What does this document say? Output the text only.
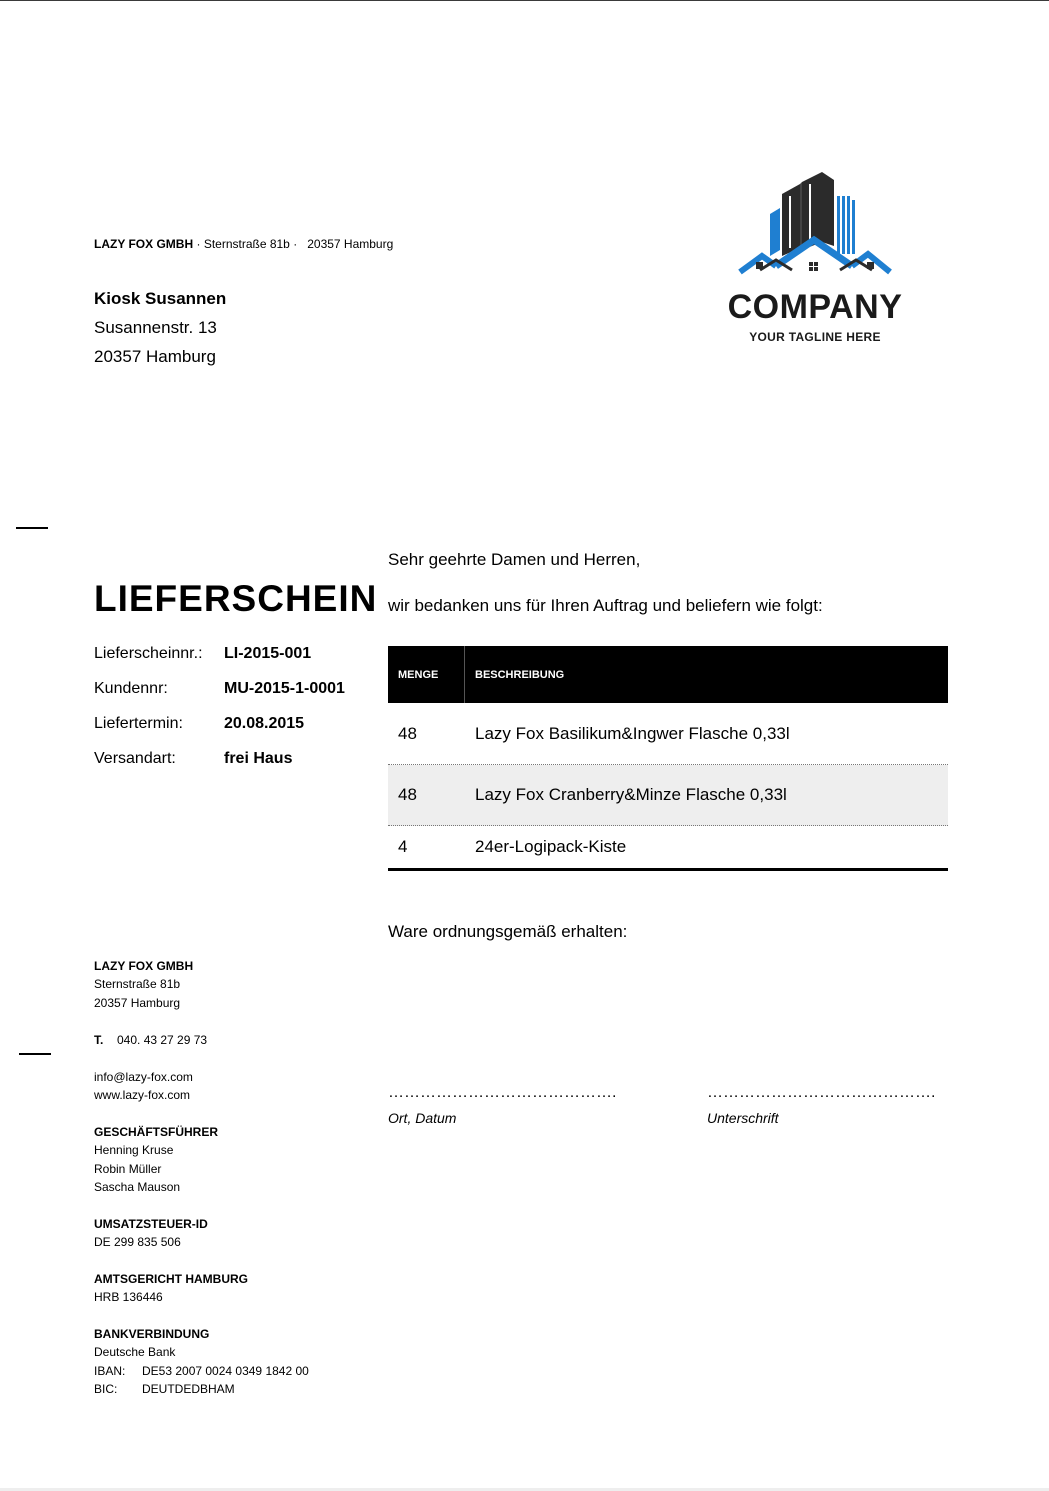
LAZY FOX GMBH · Sternstraße 81b ·   20357 Hamburg
Kiosk Susannen
Susannenstr. 13
20357 Hamburg
COMPANY
YOUR TAGLINE HERE
LIEFERSCHEIN
Lieferscheinnr.:	LI-2015-001
Kundennr:	MU-2015-1-0001
Liefertermin:	20.08.2015
Versandart:	frei Haus
Sehr geehrte Damen und Herren,
wir bedanken uns für Ihren Auftrag und beliefern wie folgt:
MENGE	BESCHREIBUNG
48	Lazy Fox Basilikum&Ingwer Flasche 0,33l
48	Lazy Fox Cranberry&Minze Flasche 0,33l
4	24er-Logipack-Kiste
Ware ordnungsgemäß erhalten:
…………………………………….	…………………………………….
Ort, Datum	Unterschrift
LAZY FOX GMBH
Sternstraße 81b
20357 Hamburg
T. 040. 43 27 29 73
info@lazy-fox.com
www.lazy-fox.com
GESCHÄFTSFÜHRER
Henning Kruse
Robin Müller
Sascha Mauson
UMSATZSTEUER-ID
DE 299 835 506
AMTSGERICHT HAMBURG
HRB 136446
BANKVERBINDUNG
Deutsche Bank
IBAN: DE53 2007 0024 0349 1842 00
BIC: DEUTDEDBHAM
